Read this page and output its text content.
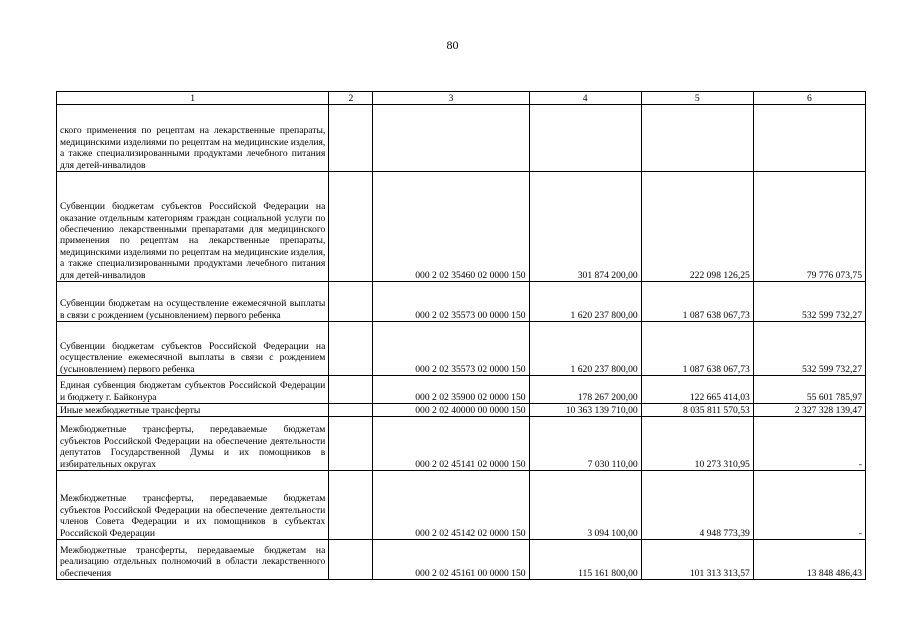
80
1	2	3	4	5	6
ского применения по рецептам на лекарственные препараты, медицинскими изделиями по рецептам на медицинские изделия, а также специализированными продуктами лечебного питания для детей-инвалидов					
Субвенции бюджетам субъектов Российской Федерации на оказание отдельным категориям граждан социальной услуги по обеспечению лекарственными препаратами для медицинского применения по рецептам на лекарственные препараты, медицинскими изделиями по рецептам на медицинские изделия, а также специализированными продуктами лечебного питания для детей-инвалидов		000 2 02 35460 02 0000 150	301 874 200,00	222 098 126,25	79 776 073,75
Субвенции бюджетам на осуществление ежемесячной выплаты в связи с рождением (усыновлением) первого ребенка		000 2 02 35573 00 0000 150	1 620 237 800,00	1 087 638 067,73	532 599 732,27
Субвенции бюджетам субъектов Российской Федерации на осуществление ежемесячной выплаты в связи с рождением (усыновлением) первого ребенка		000 2 02 35573 02 0000 150	1 620 237 800,00	1 087 638 067,73	532 599 732,27
Единая субвенция бюджетам субъектов Российской Федерации и бюджету г. Байконура		000 2 02 35900 02 0000 150	178 267 200,00	122 665 414,03	55 601 785,97
Иные межбюджетные трансферты		000 2 02 40000 00 0000 150	10 363 139 710,00	8 035 811 570,53	2 327 328 139,47
Межбюджетные трансферты, передаваемые бюджетам субъектов Российской Федерации на обеспечение деятельности депутатов Государственной Думы и их помощников в избирательных округах		000 2 02 45141 02 0000 150	7 030 110,00	10 273 310,95	-
Межбюджетные трансферты, передаваемые бюджетам субъектов Российской Федерации на обеспечение деятельности членов Совета Федерации и их помощников в субъектах Российской Федерации		000 2 02 45142 02 0000 150	3 094 100,00	4 948 773,39	-
Межбюджетные трансферты, передаваемые бюджетам на реализацию отдельных полномочий в области лекарственного обеспечения		000 2 02 45161 00 0000 150	115 161 800,00	101 313 313,57	13 848 486,43
